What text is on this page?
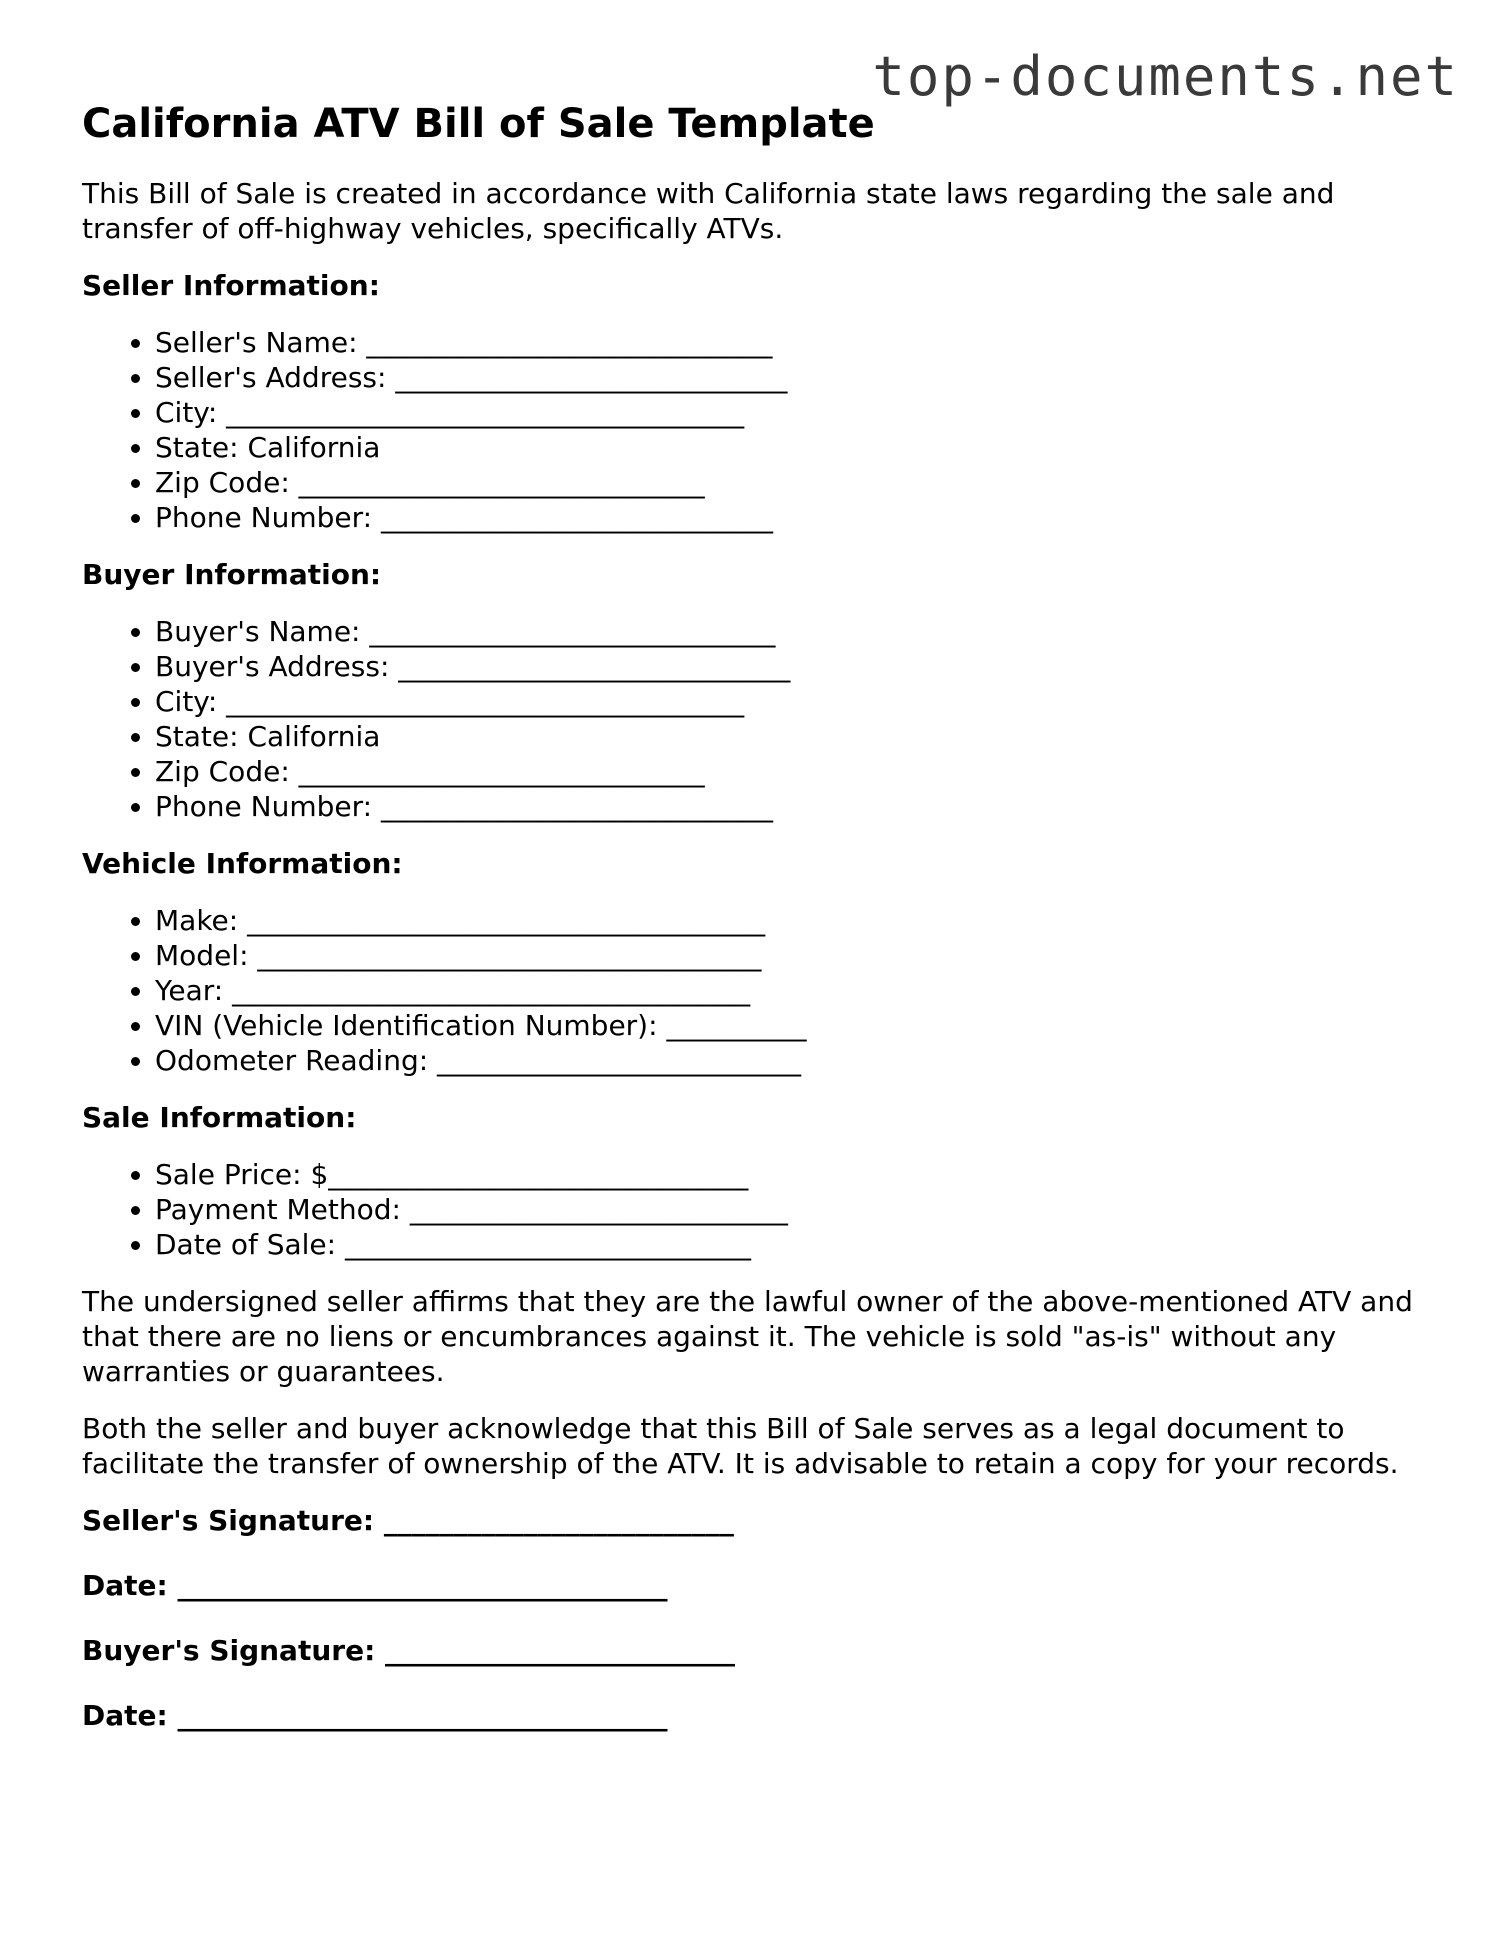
top-documents.net
California ATV Bill of Sale Template

This Bill of Sale is created in accordance with California state laws regarding the sale and transfer of off-highway vehicles, specifically ATVs.

Seller Information:
• Seller's Name: _____________________________
• Seller's Address: ____________________________
• City: _____________________________________
• State: California
• Zip Code: _____________________________
• Phone Number: ____________________________
Buyer Information:
• Buyer's Name: _____________________________
• Buyer's Address: ____________________________
• City: _____________________________________
• State: California
• Zip Code: _____________________________
• Phone Number: ____________________________
Vehicle Information:
• Make: _____________________________________
• Model: ____________________________________
• Year: _____________________________________
• VIN (Vehicle Identification Number): __________
• Odometer Reading: __________________________
Sale Information:
• Sale Price: $______________________________
• Payment Method: ___________________________
• Date of Sale: _____________________________

The undersigned seller affirms that they are the lawful owner of the above-mentioned ATV and that there are no liens or encumbrances against it. The vehicle is sold "as-is" without any warranties or guarantees.

Both the seller and buyer acknowledge that this Bill of Sale serves as a legal document to facilitate the transfer of ownership of the ATV. It is advisable to retain a copy for your records.

Seller's Signature: _________________________
Date: ___________________________________
Buyer's Signature: _________________________
Date: ___________________________________
